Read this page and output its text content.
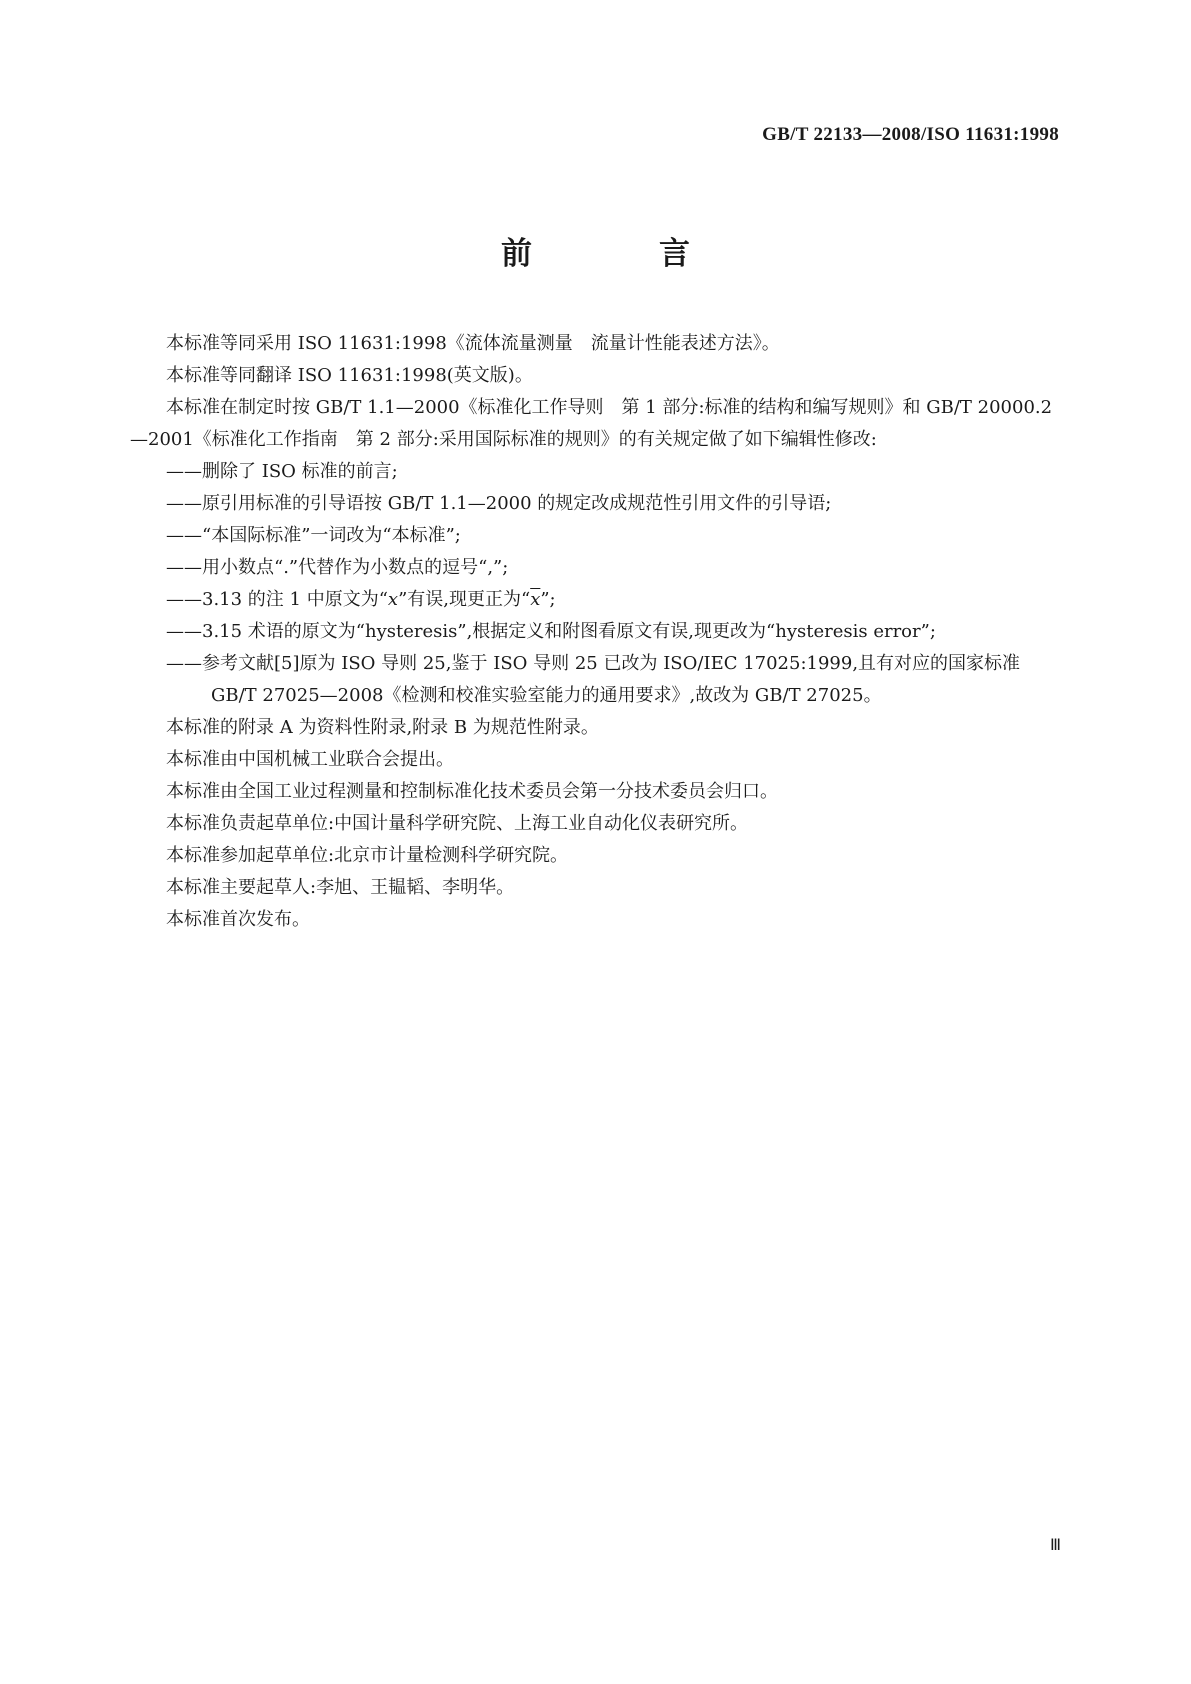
GB/T 22133—2008/ISO 11631:1998
前　言

本标准等同采用 ISO 11631:1998《流体流量测量　流量计性能表述方法》。

本标准等同翻译 ISO 11631:1998(英文版)。

本标准在制定时按 GB/T 1.1—2000《标准化工作导则　第 1 部分:标准的结构和编写规则》和 GB/T 20000.2—2001《标准化工作指南　第 2 部分:采用国际标准的规则》的有关规定做了如下编辑性修改:

——删除了 ISO 标准的前言;

——原引用标准的引导语按 GB/T 1.1—2000 的规定改成规范性引用文件的引导语;

——“本国际标准”一词改为“本标准”;

——用小数点“.”代替作为小数点的逗号“,”;

——3.13 的注 1 中原文为“x”有误,现更正为“$\overline{x}$”;

——3.15 术语的原文为“hysteresis”,根据定义和附图看原文有误,现更改为“hysteresis error”;

——参考文献[5]原为 ISO 导则 25,鉴于 ISO 导则 25 已改为 ISO/IEC 17025:1999,且有对应的国家标准 GB/T 27025—2008《检测和校准实验室能力的通用要求》,故改为 GB/T 27025。

本标准的附录 A 为资料性附录,附录 B 为规范性附录。

本标准由中国机械工业联合会提出。

本标准由全国工业过程测量和控制标准化技术委员会第一分技术委员会归口。

本标准负责起草单位:中国计量科学研究院、上海工业自动化仪表研究所。

本标准参加起草单位:北京市计量检测科学研究院。

本标准主要起草人:李旭、王韫韬、李明华。

本标准首次发布。

Ⅲ
